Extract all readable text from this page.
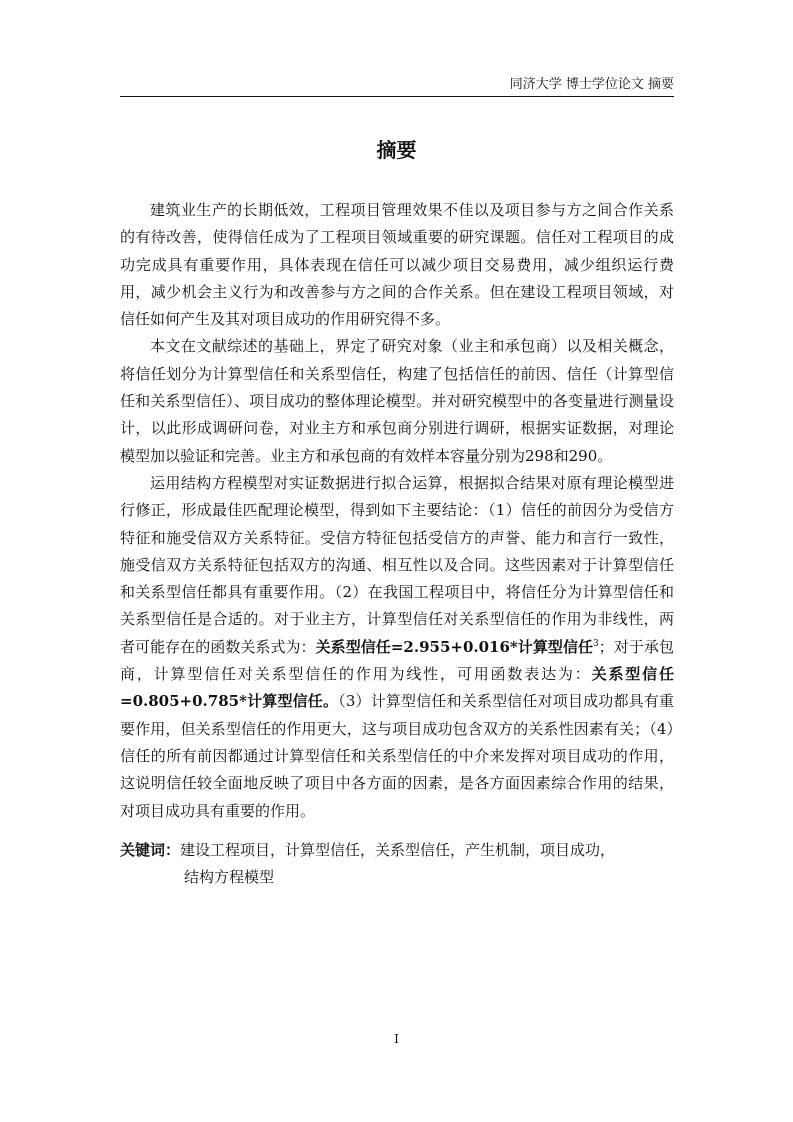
同济大学 博士学位论文 摘要
摘要

建筑业生产的长期低效，工程项目管理效果不佳以及项目参与方之间合作关系的有待改善，使得信任成为了工程项目领域重要的研究课题。信任对工程项目的成功完成具有重要作用，具体表现在信任可以减少项目交易费用，减少组织运行费用，减少机会主义行为和改善参与方之间的合作关系。但在建设工程项目领域，对信任如何产生及其对项目成功的作用研究得不多。

本文在文献综述的基础上，界定了研究对象（业主和承包商）以及相关概念，将信任划分为计算型信任和关系型信任，构建了包括信任的前因、信任（计算型信任和关系型信任）、项目成功的整体理论模型。并对研究模型中的各变量进行测量设计，以此形成调研问卷，对业主方和承包商分别进行调研，根据实证数据，对理论模型加以验证和完善。业主方和承包商的有效样本容量分别为298和290。

运用结构方程模型对实证数据进行拟合运算，根据拟合结果对原有理论模型进行修正，形成最佳匹配理论模型，得到如下主要结论：（1）信任的前因分为受信方特征和施受信双方关系特征。受信方特征包括受信方的声誉、能力和言行一致性，施受信双方关系特征包括双方的沟通、相互性以及合同。这些因素对于计算型信任和关系型信任都具有重要作用。（2）在我国工程项目中，将信任分为计算型信任和关系型信任是合适的。对于业主方，计算型信任对关系型信任的作用为非线性，两者可能存在的函数关系式为：关系型信任=2.955+0.016*计算型信任$^3$；对于承包商，计算型信任对关系型信任的作用为线性，可用函数表达为：关系型信任=0.805+0.785*计算型信任。（3）计算型信任和关系型信任对项目成功都具有重要作用，但关系型信任的作用更大，这与项目成功包含双方的关系性因素有关；（4）信任的所有前因都通过计算型信任和关系型信任的中介来发挥对项目成功的作用，这说明信任较全面地反映了项目中各方面的因素，是各方面因素综合作用的结果，对项目成功具有重要的作用。

关键词：建设工程项目，计算型信任，关系型信任，产生机制，项目成功，
结构方程模型
I
